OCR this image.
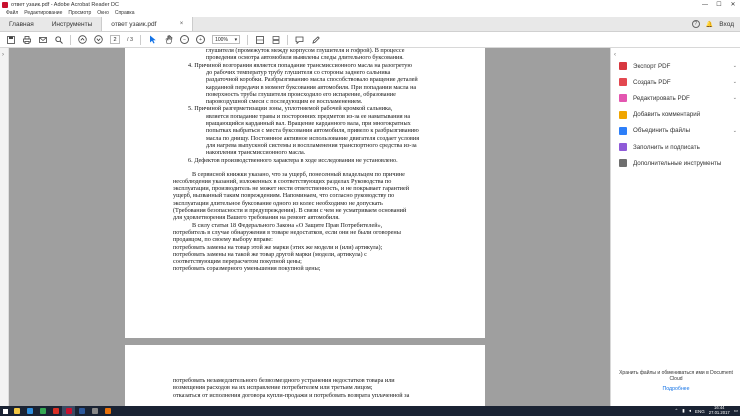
ответ узаик.pdf - Adobe Acrobat Reader DC	—	☐	✕
Файл Редактирование Просмотр Окно Справка
Главная	Инструменты	ответ узаик.pdf	×	?	🔔 Вход
2	/ 3	−	+	100% ▾
›
глушителя (промежуток между корпусом глушителя и гофрой). В процессе
проведения осмотра автомобиля выявлены следы длительного буксования.
4. Причиной возгорания является попадание трансмиссионного масла на разогретую
до рабочих температур трубу глушителя со стороны заднего сальника
раздаточной коробки. Разбрызгиванию масла способствовало вращение деталей
карданной передачи в момент буксования автомобиля. При попадании масла на
поверхность трубы глушителя происходило его испарение, образование
паровоздушной смеси с последующим ее воспламенением.
5. Причиной разгерметизации зоны, уплотняемой рабочей кромкой сальника,
является попадание травы и посторонних предметов из-за ее наматывания на
вращающийся карданный вал. Вращение карданного вала, при многократных
попытках выбраться с места буксования автомобиля, привело к разбрызгиванию
масла по днищу. Постоянное активное использование двигателя создает условия
для нагрева выпускной системы и воспламенения транспортного средства из-за
накопления трансмиссионного масла.
6. Дефектов производственного характера в ходе исследования не установлено.
В сервисной книжки указано, что за ущерб, понесенный владельцем по причине
несоблюдения указаний, изложенных в соответствующих разделах Руководства по
эксплуатации, производитель не может нести ответственность, и не покрывает гарантией
ущерб, вызванный таким повреждениям. Напоминаем, что согласно руководству по
эксплуатации длительное буксование одного из колес необходимо не допускать
(Требования безопасности и предупреждения). В связи с чем не усматриваем оснований
для удовлетворения Вашего требования на ремонт автомобиля.
В силу статьи 18 Федерального Закона «О Защите Прав Потребителей»,
потребитель в случае обнаружения в товаре недостатков, если они не были оговорены
продавцом, по своему выбору вправе:
потребовать замены на товар этой же марки (этих же модели и (или) артикула);
потребовать замены на такой же товар другой марки (модели, артикула) с
соответствующим перерасчетом покупной цены;
потребовать соразмерного уменьшения покупной цены;
потребовать незамедлительного безвозмездного устранения недостатков товара или
возмещения расходов на их исправление потребителем или третьим лицом;
отказаться от исполнения договора купли-продажи и потребовать возврата уплаченной за
‹
Экспорт PDF	⌄
Создать PDF	⌄
Редактировать PDF	⌄
Добавить комментарий
Объединить файлы	⌄
Заполнить и подписать
Дополнительные инструменты
Хранить файлы и обмениваться ими в Document Cloud
Подробнее
⌃ ▮ ◂ ENG
16:44
27.01.2017 ▭
